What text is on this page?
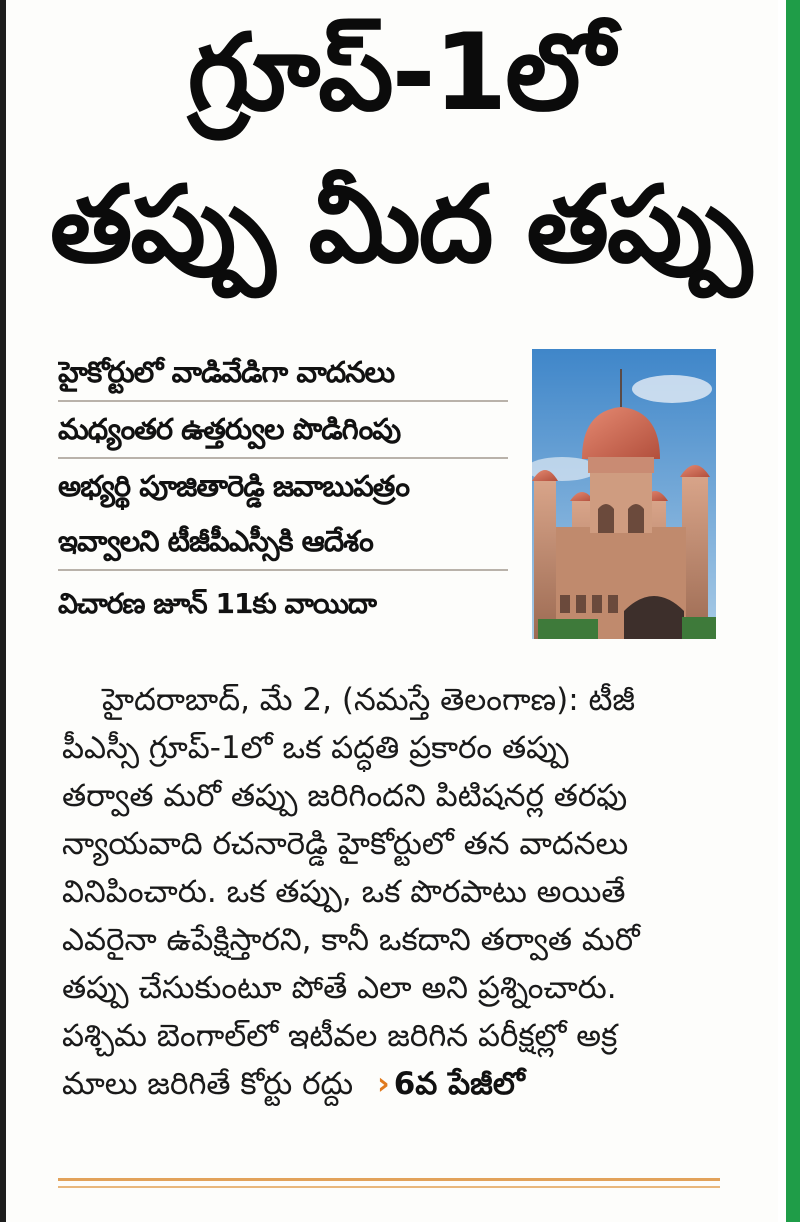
గ్రూప్‌-1లో
తప్పు మీద తప్పు
హైకోర్టులో వాడివేడిగా వాదనలు
మధ్యంతర ఉత్తర్వుల పొడిగింపు
అభ్యర్థి పూజితారెడ్డి జవాబుపత్రం
ఇవ్వాలని టీజీపీఎస్సీకి ఆదేశం
విచారణ జూన్‌ 11కు వాయిదా
హైదరాబాద్‌, మే 2, (నమస్తే తెలంగాణ): టీజీ
పీఎస్సీ గ్రూప్‌-1లో ఒక పద్ధతి ప్రకారం తప్పు
తర్వాత మరో తప్పు జరిగిందని పిటిషనర్ల తరఫు
న్యాయవాది రచనారెడ్డి హైకోర్టులో తన వాదనలు
వినిపించారు. ఒక తప్పు, ఒక పొరపాటు అయితే
ఎవరైనా ఉపేక్షిస్తారని, కానీ ఒకదాని తర్వాత మరో
తప్పు చేసుకుంటూ పోతే ఎలా అని ప్రశ్నించారు.
పశ్చిమ బెంగాల్‌లో ఇటీవల జరిగిన పరీక్షల్లో అక్ర
మాలు జరిగితే కోర్టు రద్దు › 6వ పేజీలో
